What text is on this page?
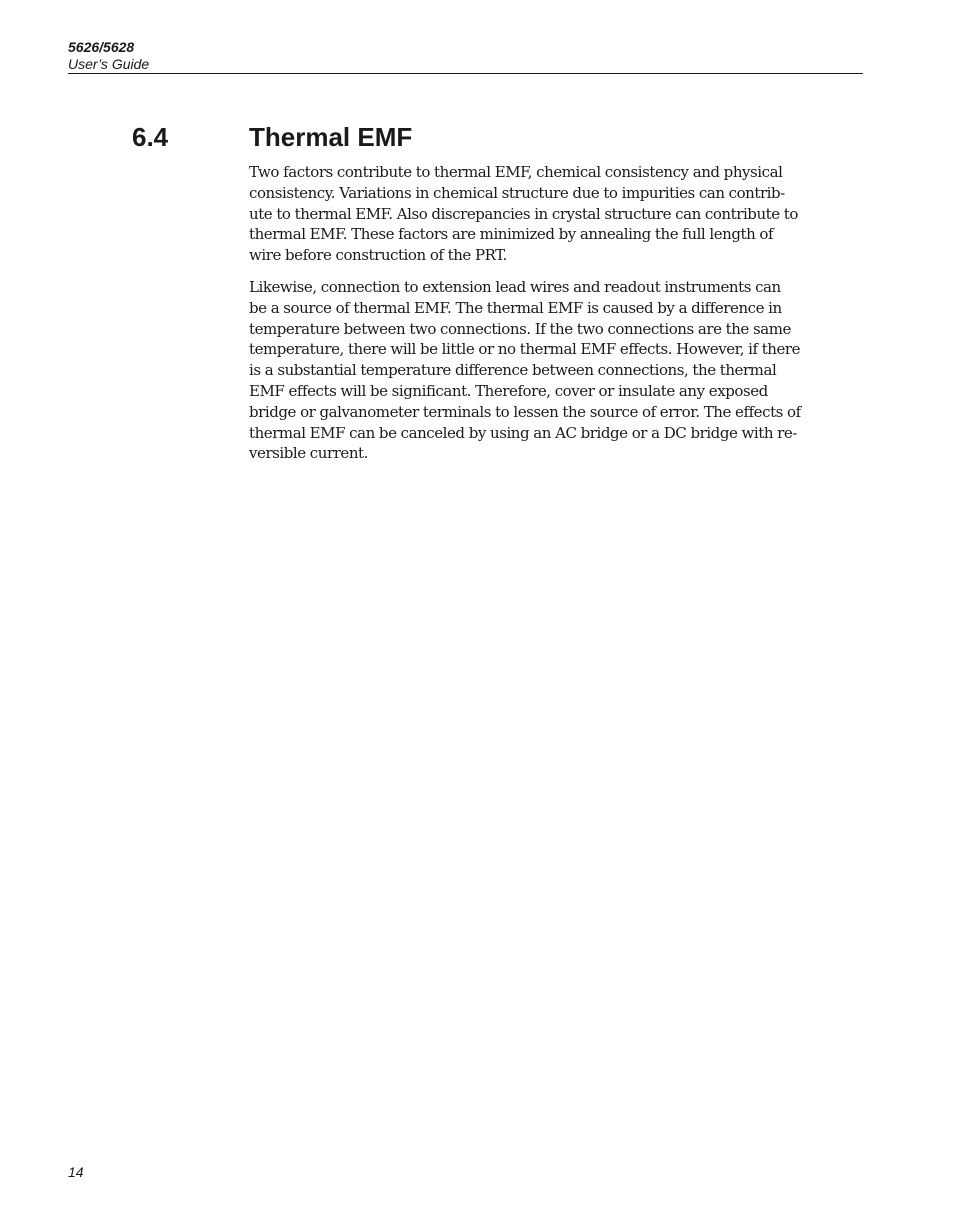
5626/5628
User’s Guide
6.4	Thermal EMF

Two factors contribute to thermal EMF, chemical consistency and physical
consistency. Variations in chemical structure due to impurities can contrib-
ute to thermal EMF. Also discrepancies in crystal structure can contribute to
thermal EMF. These factors are minimized by annealing the full length of
wire before construction of the PRT.

Likewise, connection to extension lead wires and readout instruments can
be a source of thermal EMF. The thermal EMF is caused by a difference in
temperature between two connections. If the two connections are the same
temperature, there will be little or no thermal EMF effects. However, if there
is a substantial temperature difference between connections, the thermal
EMF effects will be significant. Therefore, cover or insulate any exposed
bridge or galvanometer terminals to lessen the source of error. The effects of
thermal EMF can be canceled by using an AC bridge or a DC bridge with re-
versible current.

14
